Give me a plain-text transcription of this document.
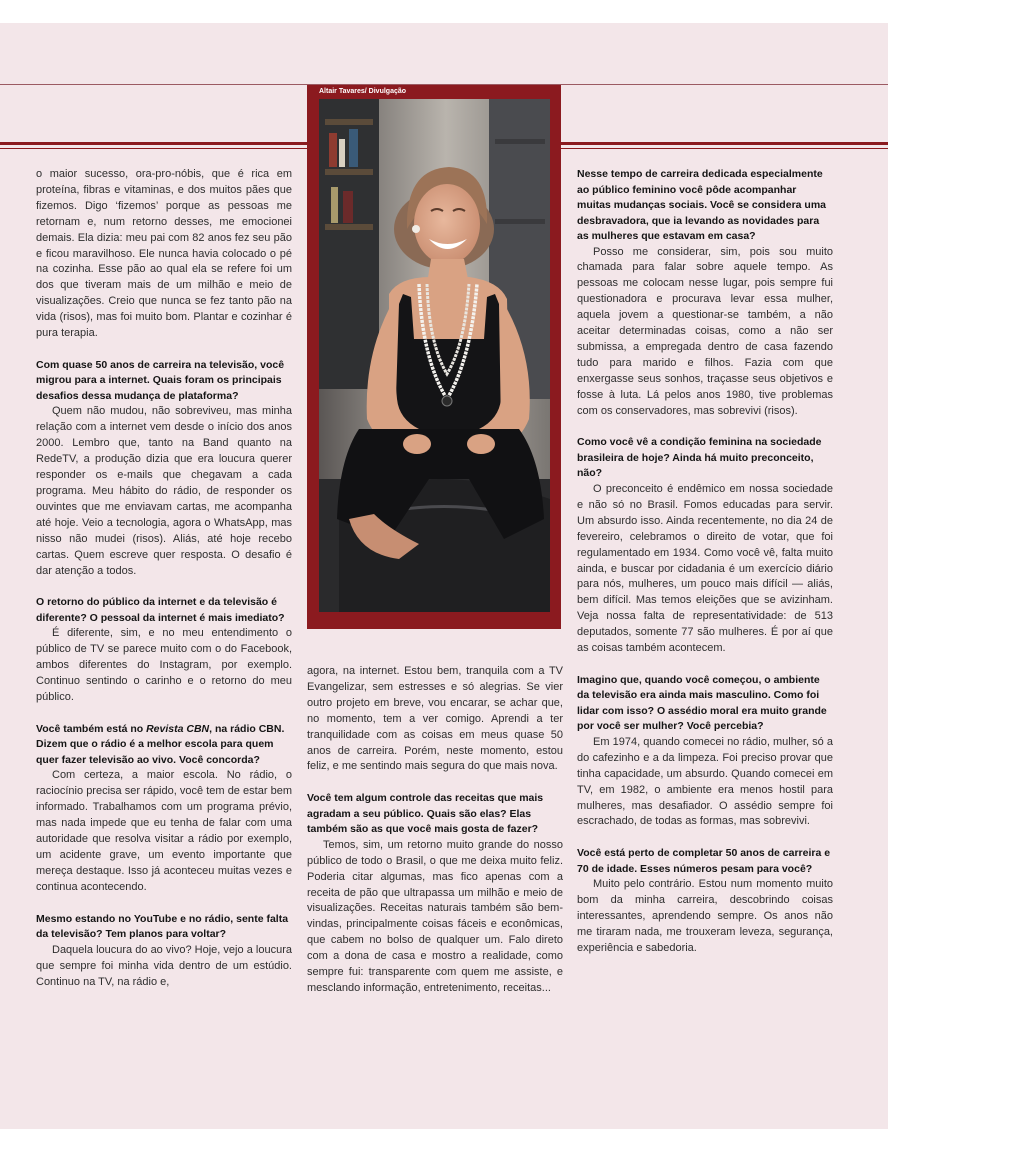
Altair Tavares/ Divulgação

o maior sucesso, ora-pro-nóbis, que é rica em proteína, fibras e vitaminas, e dos muitos pães que fizemos. Digo ‘fizemos’ porque as pessoas me retornam e, num retorno desses, me emocionei demais. Ela dizia: meu pai com 82 anos fez seu pão e ficou maravilhoso. Ele nunca havia colocado o pé na cozinha. Esse pão ao qual ela se refere foi um dos que tiveram mais de um milhão e meio de visualizações. Creio que nunca se fez tanto pão na vida (risos), mas foi muito bom. Plantar e cozinhar é pura terapia.

Com quase 50 anos de carreira na televisão, você migrou para a internet. Quais foram os principais desafios dessa mudança de plataforma?

Quem não mudou, não sobreviveu, mas minha relação com a internet vem desde o início dos anos 2000. Lembro que, tanto na Band quanto na RedeTV, a produção dizia que era loucura querer responder os e-mails que chegavam a cada programa. Meu hábito do rádio, de responder os ouvintes que me enviavam cartas, me acompanha até hoje. Veio a tecnologia, agora o WhatsApp, mas nisso não mudei (risos). Aliás, até hoje recebo cartas. Quem escreve quer resposta. O desafio é dar atenção a todos.

O retorno do público da internet e da televisão é diferente? O pessoal da internet é mais imediato?

É diferente, sim, e no meu entendimento o público de TV se parece muito com o do Facebook, ambos diferentes do Instagram, por exemplo. Continuo sentindo o carinho e o retorno do meu público.

Você também está no Revista CBN, na rádio CBN. Dizem que o rádio é a melhor escola para quem quer fazer televisão ao vivo. Você concorda?

Com certeza, a maior escola. No rádio, o raciocínio precisa ser rápido, você tem de estar bem informado. Trabalhamos com um programa prévio, mas nada impede que eu tenha de falar com uma autoridade que resolva visitar a rádio por exemplo, um acidente grave, um evento importante que mereça destaque. Isso já aconteceu muitas vezes e continua acontecendo.

Mesmo estando no YouTube e no rádio, sente falta da televisão? Tem planos para voltar?

Daquela loucura do ao vivo? Hoje, vejo a loucura que sempre foi minha vida dentro de um estúdio. Continuo na TV, na rádio e,

agora, na internet. Estou bem, tranquila com a TV Evangelizar, sem estresses e só alegrias. Se vier outro projeto em breve, vou encarar, se achar que, no momento, tem a ver comigo. Aprendi a ter tranquilidade com as coisas em meus quase 50 anos de carreira. Porém, neste momento, estou feliz, e me sentindo mais segura do que mais nova.

Você tem algum controle das receitas que mais agradam a seu público. Quais são elas? Elas também são as que você mais gosta de fazer?

Temos, sim, um retorno muito grande do nosso público de todo o Brasil, o que me deixa muito feliz. Poderia citar algumas, mas fico apenas com a receita de pão que ultrapassa um milhão e meio de visualizações. Receitas naturais também são bem-vindas, principalmente coisas fáceis e econômicas, que cabem no bolso de qualquer um. Falo direto com a dona de casa e mostro a realidade, como sempre fui: transparente com quem me assiste, e mesclando informação, entretenimento, receitas...

Nesse tempo de carreira dedicada especialmente ao público feminino você pôde acompanhar muitas mudanças sociais. Você se considera uma desbravadora, que ia levando as novidades para as mulheres que estavam em casa?

Posso me considerar, sim, pois sou muito chamada para falar sobre aquele tempo. As pessoas me colocam nesse lugar, pois sempre fui questionadora e procurava levar essa mulher, aquela jovem a questionar-se também, a não aceitar determinadas coisas, como a não ser submissa, a empregada dentro de casa fazendo tudo para marido e filhos. Fazia com que enxergasse seus sonhos, traçasse seus objetivos e fosse à luta. Lá pelos anos 1980, tive problemas com os conservadores, mas sobrevivi (risos).

Como você vê a condição feminina na sociedade brasileira de hoje? Ainda há muito preconceito, não?

O preconceito é endêmico em nossa sociedade e não só no Brasil. Fomos educadas para servir. Um absurdo isso. Ainda recentemente, no dia 24 de fevereiro, celebramos o direito de votar, que foi regulamentado em 1934. Como você vê, falta muito ainda, e buscar por cidadania é um exercício diário para nós, mulheres, um pouco mais difícil — aliás, bem difícil. Mas temos eleições que se avizinham. Veja nossa falta de representatividade: de 513 deputados, somente 77 são mulheres. É por aí que as coisas também acontecem.

Imagino que, quando você começou, o ambiente da televisão era ainda mais masculino. Como foi lidar com isso? O assédio moral era muito grande por você ser mulher? Você percebia?

Em 1974, quando comecei no rádio, mulher, só a do cafezinho e a da limpeza. Foi preciso provar que tinha capacidade, um absurdo. Quando comecei em TV, em 1982, o ambiente era menos hostil para mulheres, mas desafiador. O assédio sempre foi escrachado, de todas as formas, mas sobrevivi.

Você está perto de completar 50 anos de carreira e 70 de idade. Esses números pesam para você?

Muito pelo contrário. Estou num momento muito bom da minha carreira, descobrindo coisas interessantes, aprendendo sempre. Os anos não me tiraram nada, me trouxeram leveza, segurança, experiência e sabedoria.
